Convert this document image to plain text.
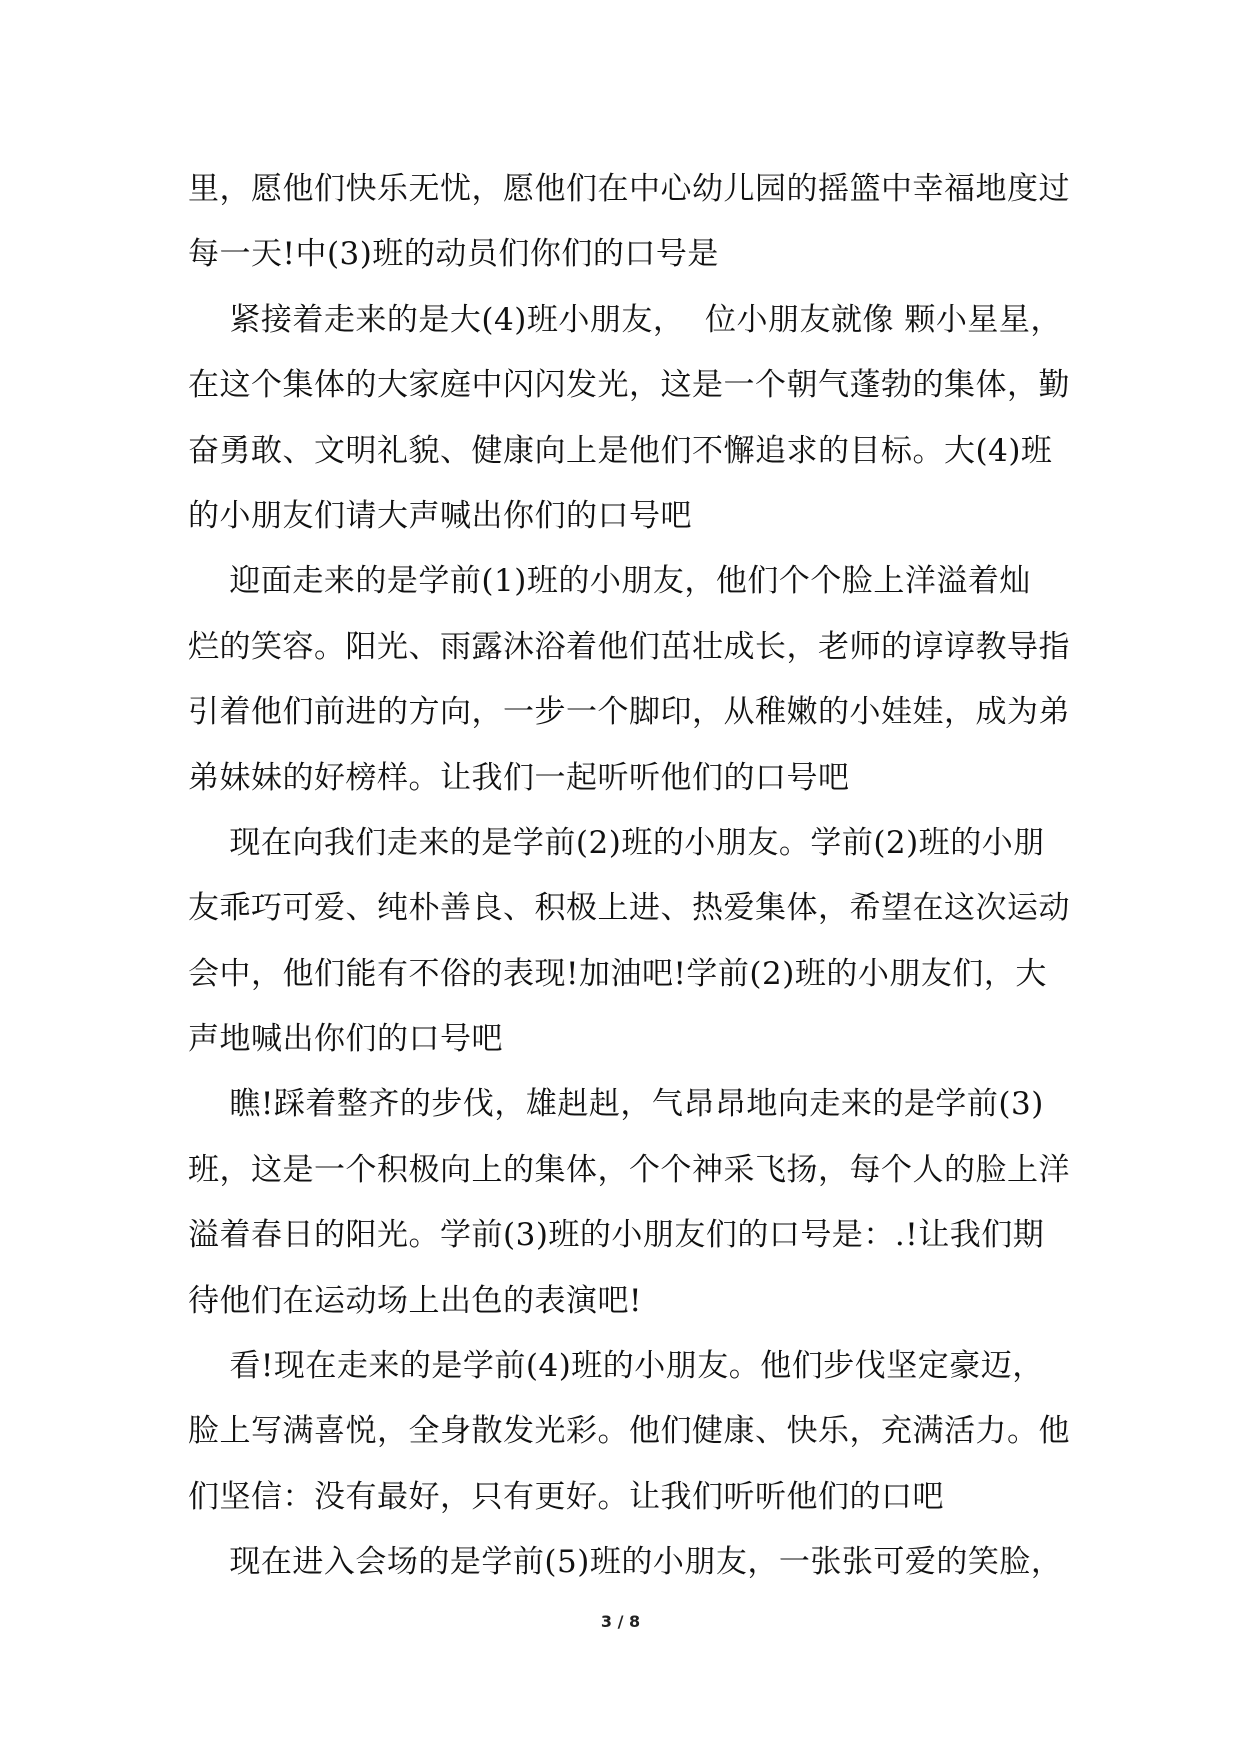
里，愿他们快乐无忧，愿他们在中心幼儿园的摇篮中幸福地度过
每一天!中(3)班的动员们你们的口号是
紧接着走来的是大(4)班小朋友，  位小朋友就像 颗小星星，
在这个集体的大家庭中闪闪发光，这是一个朝气蓬勃的集体，勤
奋勇敢、文明礼貌、健康向上是他们不懈追求的目标。大(4)班
的小朋友们请大声喊出你们的口号吧
迎面走来的是学前(1)班的小朋友，他们个个脸上洋溢着灿
烂的笑容。阳光、雨露沐浴着他们茁壮成长，老师的谆谆教导指
引着他们前进的方向，一步一个脚印，从稚嫩的小娃娃，成为弟
弟妹妹的好榜样。让我们一起听听他们的口号吧
现在向我们走来的是学前(2)班的小朋友。学前(2)班的小朋
友乖巧可爱、纯朴善良、积极上进、热爱集体，希望在这次运动
会中，他们能有不俗的表现!加油吧!学前(2)班的小朋友们，大
声地喊出你们的口号吧
瞧!踩着整齐的步伐，雄赳赳，气昂昂地向走来的是学前(3)
班，这是一个积极向上的集体，个个神采飞扬，每个人的脸上洋
溢着春日的阳光。学前(3)班的小朋友们的口号是：.!让我们期
待他们在运动场上出色的表演吧!
看!现在走来的是学前(4)班的小朋友。他们步伐坚定豪迈，
脸上写满喜悦，全身散发光彩。他们健康、快乐，充满活力。他
们坚信：没有最好，只有更好。让我们听听他们的口吧
现在进入会场的是学前(5)班的小朋友，一张张可爱的笑脸，
3 / 8
